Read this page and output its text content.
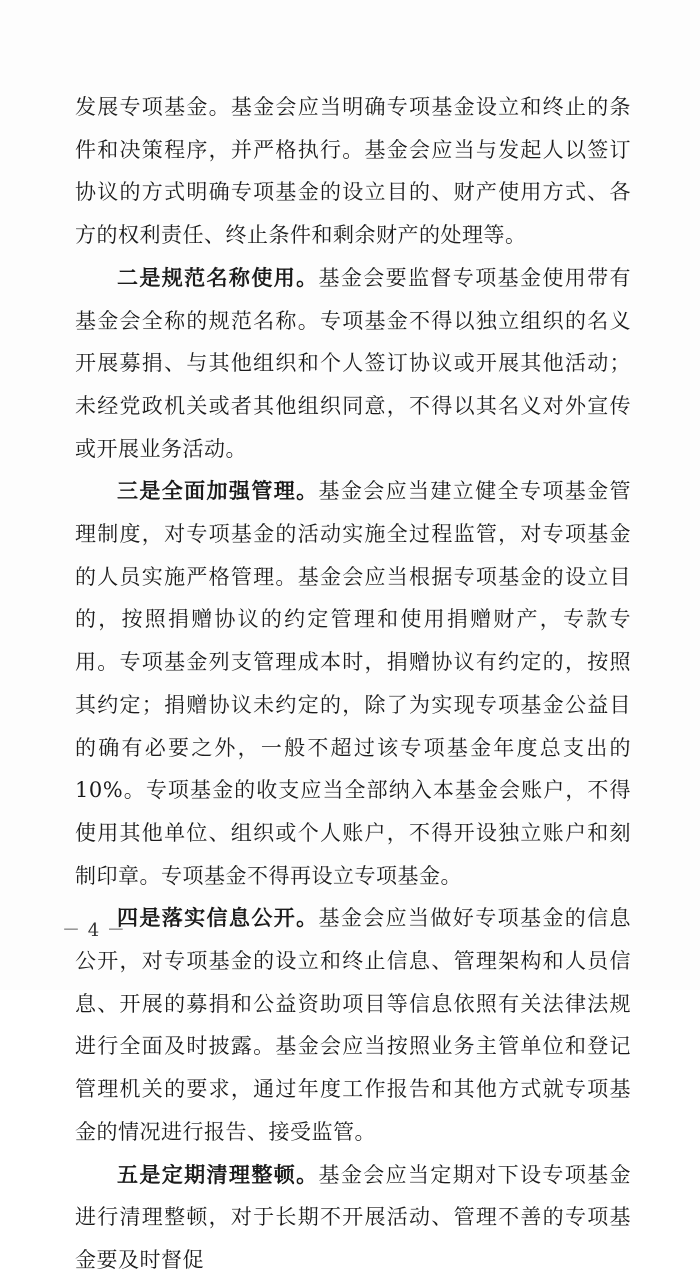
发展专项基金。基金会应当明确专项基金设立和终止的条件和决策程序，并严格执行。基金会应当与发起人以签订协议的方式明确专项基金的设立目的、财产使用方式、各方的权利责任、终止条件和剩余财产的处理等。

二是规范名称使用。基金会要监督专项基金使用带有基金会全称的规范名称。专项基金不得以独立组织的名义开展募捐、与其他组织和个人签订协议或开展其他活动；未经党政机关或者其他组织同意，不得以其名义对外宣传或开展业务活动。

三是全面加强管理。基金会应当建立健全专项基金管理制度，对专项基金的活动实施全过程监管，对专项基金的人员实施严格管理。基金会应当根据专项基金的设立目的，按照捐赠协议的约定管理和使用捐赠财产，专款专用。专项基金列支管理成本时，捐赠协议有约定的，按照其约定；捐赠协议未约定的，除了为实现专项基金公益目的确有必要之外，一般不超过该专项基金年度总支出的 10%。专项基金的收支应当全部纳入本基金会账户，不得使用其他单位、组织或个人账户，不得开设独立账户和刻制印章。专项基金不得再设立专项基金。

四是落实信息公开。基金会应当做好专项基金的信息公开，对专项基金的设立和终止信息、管理架构和人员信息、开展的募捐和公益资助项目等信息依照有关法律法规进行全面及时披露。基金会应当按照业务主管单位和登记管理机关的要求，通过年度工作报告和其他方式就专项基金的情况进行报告、接受监管。

五是定期清理整顿。基金会应当定期对下设专项基金进行清理整顿，对于长期不开展活动、管理不善的专项基金要及时督促

－ 4 －
